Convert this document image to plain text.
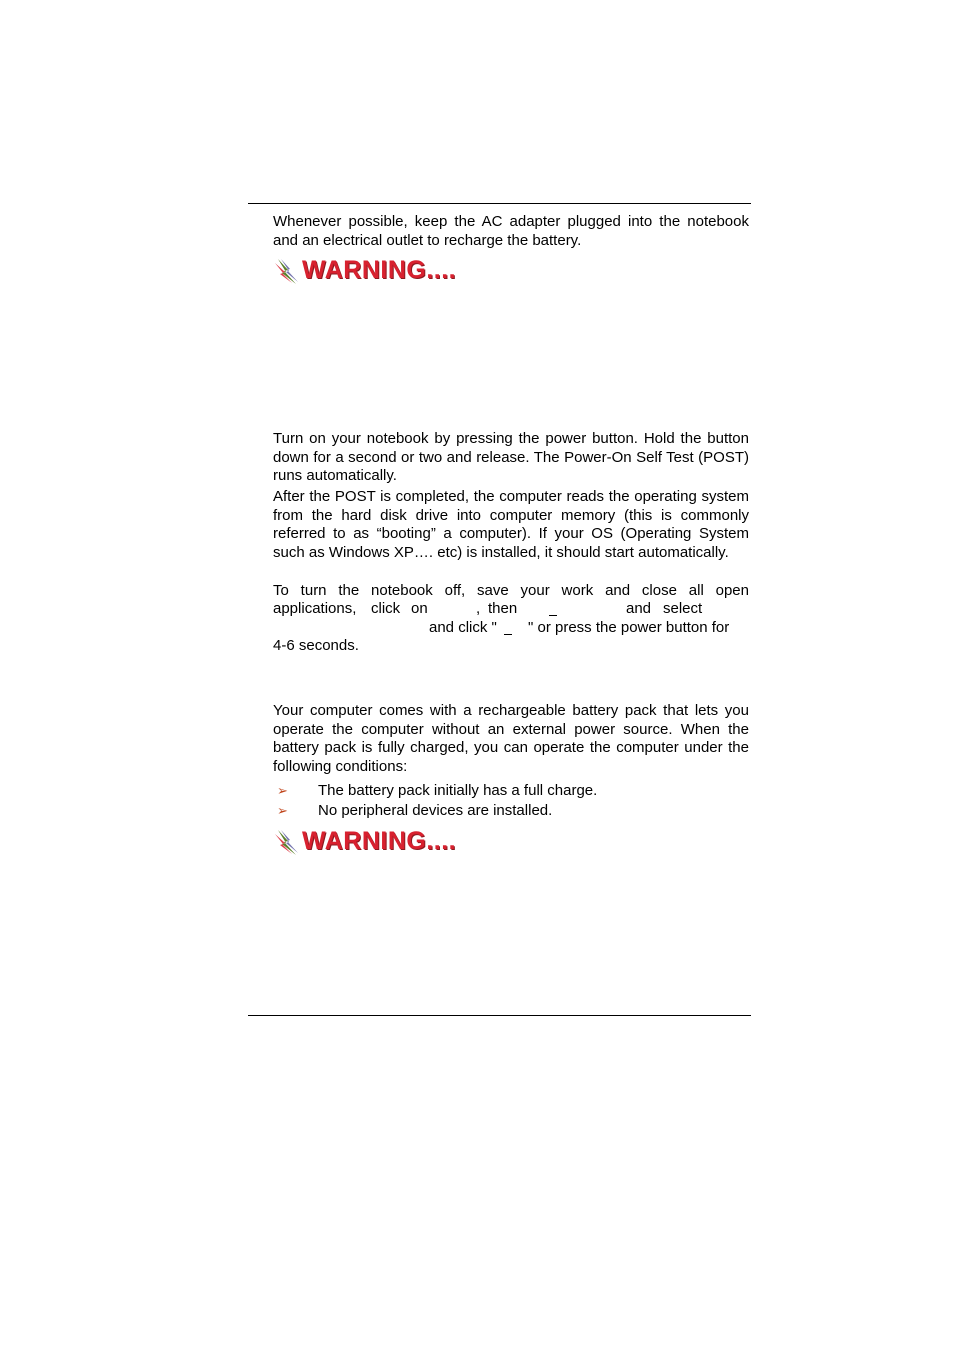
Whenever possible, keep the AC adapter plugged into the notebook and an electrical outlet to recharge the battery.

WARNING....

Turn on your notebook by pressing the power button. Hold the button down for a second or two and release. The Power-On Self Test (POST) runs automatically.

After the POST is completed, the computer reads the operating system from the hard disk drive into computer memory (this is commonly referred to as “booting” a computer). If your OS (Operating System such as Windows XP…. etc) is installed, it should start automatically.

To turn the notebook off, save your work and close all open
applications, click on	, then	and select
and click " " or press the power button for
4-6 seconds.

Your computer comes with a rechargeable battery pack that lets you operate the computer without an external power source. When the battery pack is fully charged, you can operate the computer under the following conditions:

➢ The battery pack initially has a full charge.
➢ No peripheral devices are installed.
WARNING....
